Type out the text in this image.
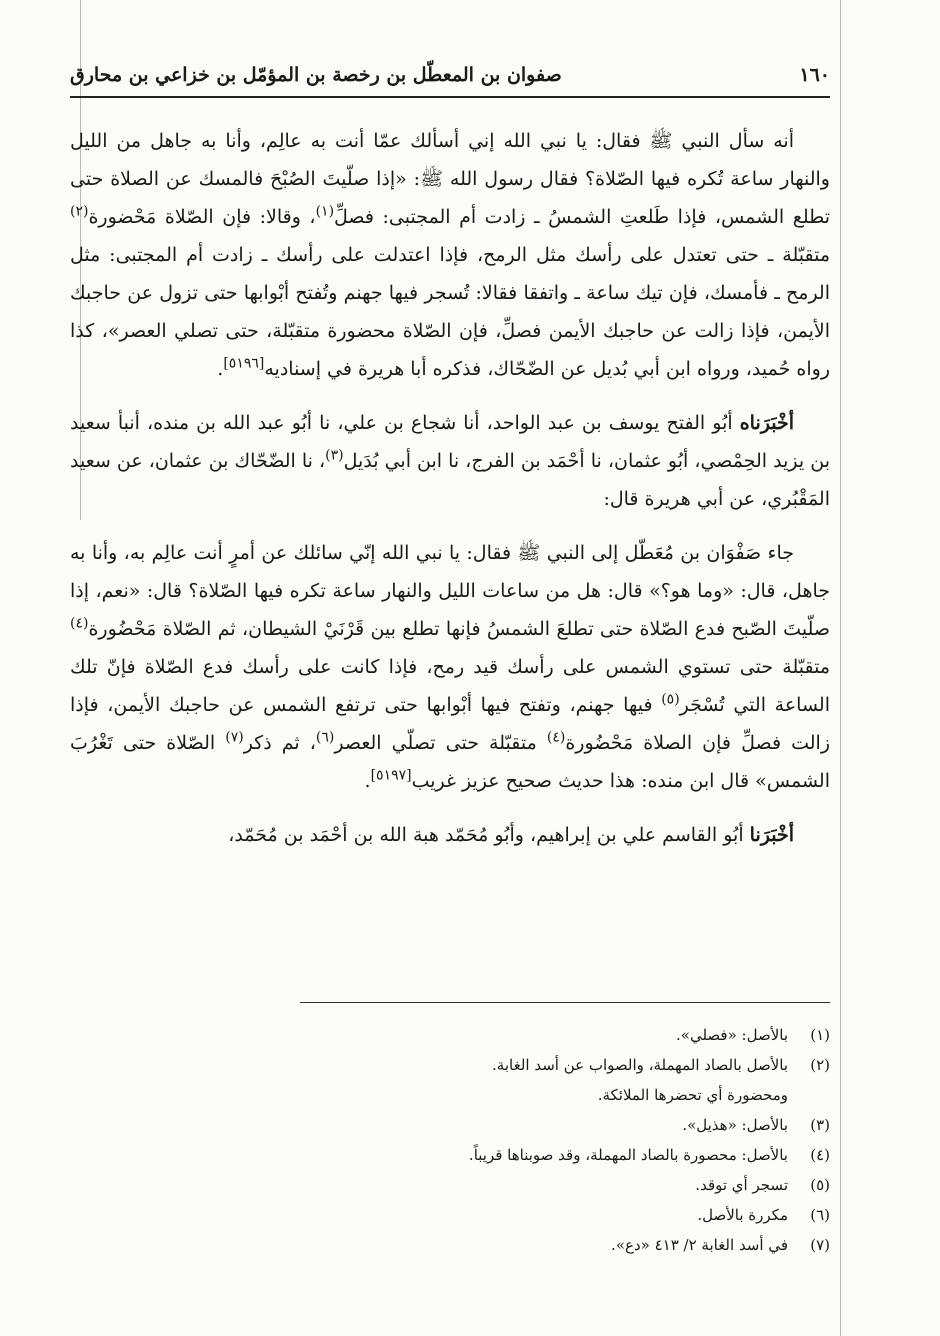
١٦٠
صفوان بن المعطّل بن رخصة بن المؤمّل بن خزاعي بن محارق
أنه سأل النبي ﷺ فقال: يا نبي الله إني أسألك عمّا أنت به عالِم، وأنا به جاهل من الليل والنهار ساعة تُكره فيها الصّلاة؟ فقال رسول الله ﷺ: «إذا صلّيتَ الصُبْحَ فالمسك عن الصلاة حتى تطلع الشمس، فإذا طَلعتِ الشمسُ ـ زادت أم المجتبى: فصلِّ$^{(١)}$، وقالا: فإن الصّلاة مَحْضورة$^{(٢)}$ متقبّلة ـ حتى تعتدل على رأسك مثل الرمح، فإذا اعتدلت على رأسك ـ زادت أم المجتبى: مثل الرمح ـ فأمسك، فإن تيك ساعة ـ واتفقا فقالا: تُسجر فيها جهنم وتُفتح أبْوابها حتى تزول عن حاجبك الأيمن، فإذا زالت عن حاجبك الأيمن فصلِّ، فإن الصّلاة محضورة متقبّلة، حتى تصلي العصر»، كذا رواه حُميد، ورواه ابن أبي بُديل عن الضّحّاك، فذكره أبا هريرة في إسناديه[٥١٩٦].
أخْبَرَناه أبُو الفتح يوسف بن عبد الواحد، أنا شجاع بن علي، نا أبُو عبد الله بن منده، أنبأ سعيد بن يزيد الحِمْصي، أبُو عثمان، نا أحْمَد بن الفرج، نا ابن أبي بُدَيل$^{(٣)}$، نا الضّحّاك بن عثمان، عن سعيد المَقْبُري، عن أبي هريرة قال:
جاء صَفْوَان بن مُعَطّل إلى النبي ﷺ فقال: يا نبي الله إنّي سائلك عن أمرٍ أنت عالِم به، وأنا به جاهل، قال: «وما هو؟» قال: هل من ساعات الليل والنهار ساعة تكره فيها الصّلاة؟ قال: «نعم، إذا صلّيتَ الصّبح فدع الصّلاة حتى تطلعَ الشمسُ فإنها تطلع بين قَرْنَيْ الشيطان، ثم الصّلاة مَحْضُورة$^{(٤)}$ متقبّلة حتى تستوي الشمس على رأسك قيد رمح، فإذا كانت على رأسك فدع الصّلاة فإنّ تلك الساعة التي تُسْجَر$^{(٥)}$ فيها جهنم، وتفتح فيها أبْوابها حتى ترتفع الشمس عن حاجبك الأيمن، فإذا زالت فصلِّ فإن الصلاة مَحْضُورة$^{(٤)}$ متقبّلة حتى تصلّي العصر$^{(٦)}$، ثم ذكر$^{(٧)}$ الصّلاة حتى تَغْرُبَ الشمس» قال ابن منده: هذا حديث صحيح عزيز غريب[٥١٩٧].
أخْبَرَنا أبُو القاسم علي بن إبراهيم، وأبُو مُحَمّد هبة الله بن أحْمَد بن مُحَمّد،
(١)
بالأصل: «فصلي».
(٢)
بالأصل بالصاد المهملة، والصواب عن أسد الغابة.
ومحضورة أي تحضرها الملائكة.
(٣)
بالأصل: «هذيل».
(٤)
بالأصل: محصورة بالصاد المهملة، وقد صوبناها قريباً.
(٥)
تسجر أي توقد.
(٦)
مكررة بالأصل.
(٧)
في أسد الغابة ٢/ ٤١٣ «دع».
